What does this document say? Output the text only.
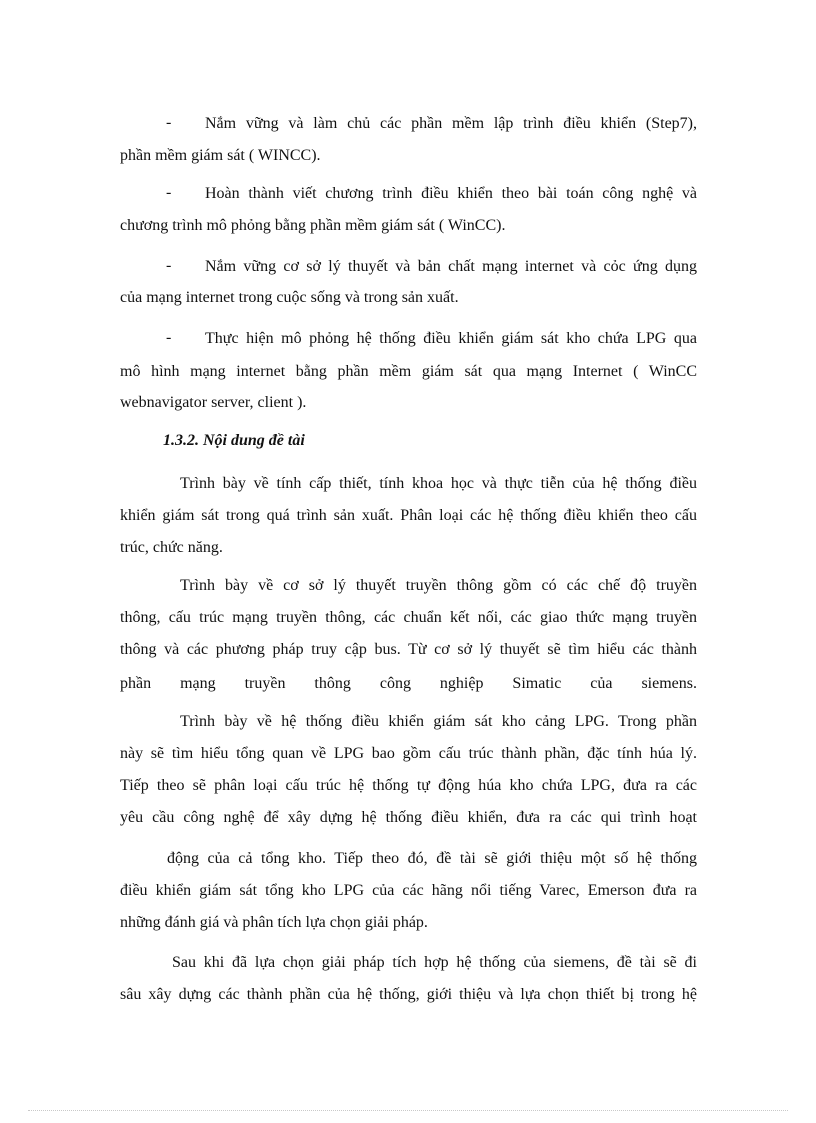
- Nắm vững và làm chủ các phần mềm lập trình điều khiển (Step7),
phần mềm giám sát ( WINCC).
- Hoàn thành viết chương trình điều khiển theo bài toán công nghệ và
chương trình mô phỏng bằng phần mềm giám sát ( WinCC).
- Nắm vững cơ sở lý thuyết và bản chất mạng internet và cỏc ứng dụng
của mạng internet trong cuộc sống và trong sản xuất.
- Thực hiện mô phỏng hệ thống điều khiển giám sát kho chứa LPG qua
mô hình mạng internet bằng phần mềm giám sát qua mạng Internet ( WinCC
webnavigator server, client ).
1.3.2. Nội dung đề tài
Trình bày về tính cấp thiết, tính khoa học và thực tiễn của hệ thống điều
khiển giám sát trong quá trình sản xuất. Phân loại các hệ thống điều khiển theo cấu
trúc, chức năng.
Trình bày về cơ sở lý thuyết truyền thông gồm có các chế độ truyền
thông, cấu trúc mạng truyền thông, các chuẩn kết nối, các giao thức mạng truyền
thông và các phương pháp truy cập bus. Từ cơ sở lý thuyết sẽ tìm hiểu các thành
phần mạng truyền thông công nghiệp Simatic của siemens.
Trình bày về hệ thống điều khiển giám sát kho cảng LPG. Trong phần
này sẽ tìm hiểu tổng quan về LPG bao gồm cấu trúc thành phần, đặc tính húa lý.
Tiếp theo sẽ phân loại cấu trúc hệ thống tự động húa kho chứa LPG, đưa ra các
yêu cầu công nghệ để xây dựng hệ thống điều khiển, đưa ra các qui trình hoạt
động của cả tổng kho. Tiếp theo đó, đề tài sẽ giới thiệu một số hệ thống
điều khiển giám sát tổng kho LPG của các hãng nổi tiếng Varec, Emerson đưa ra
những đánh giá và phân tích lựa chọn giải pháp.
Sau khi đã lựa chọn giải pháp tích hợp hệ thống của siemens, đề tài sẽ đi
sâu xây dựng các thành phần của hệ thống, giới thiệu và lựa chọn thiết bị trong hệ
